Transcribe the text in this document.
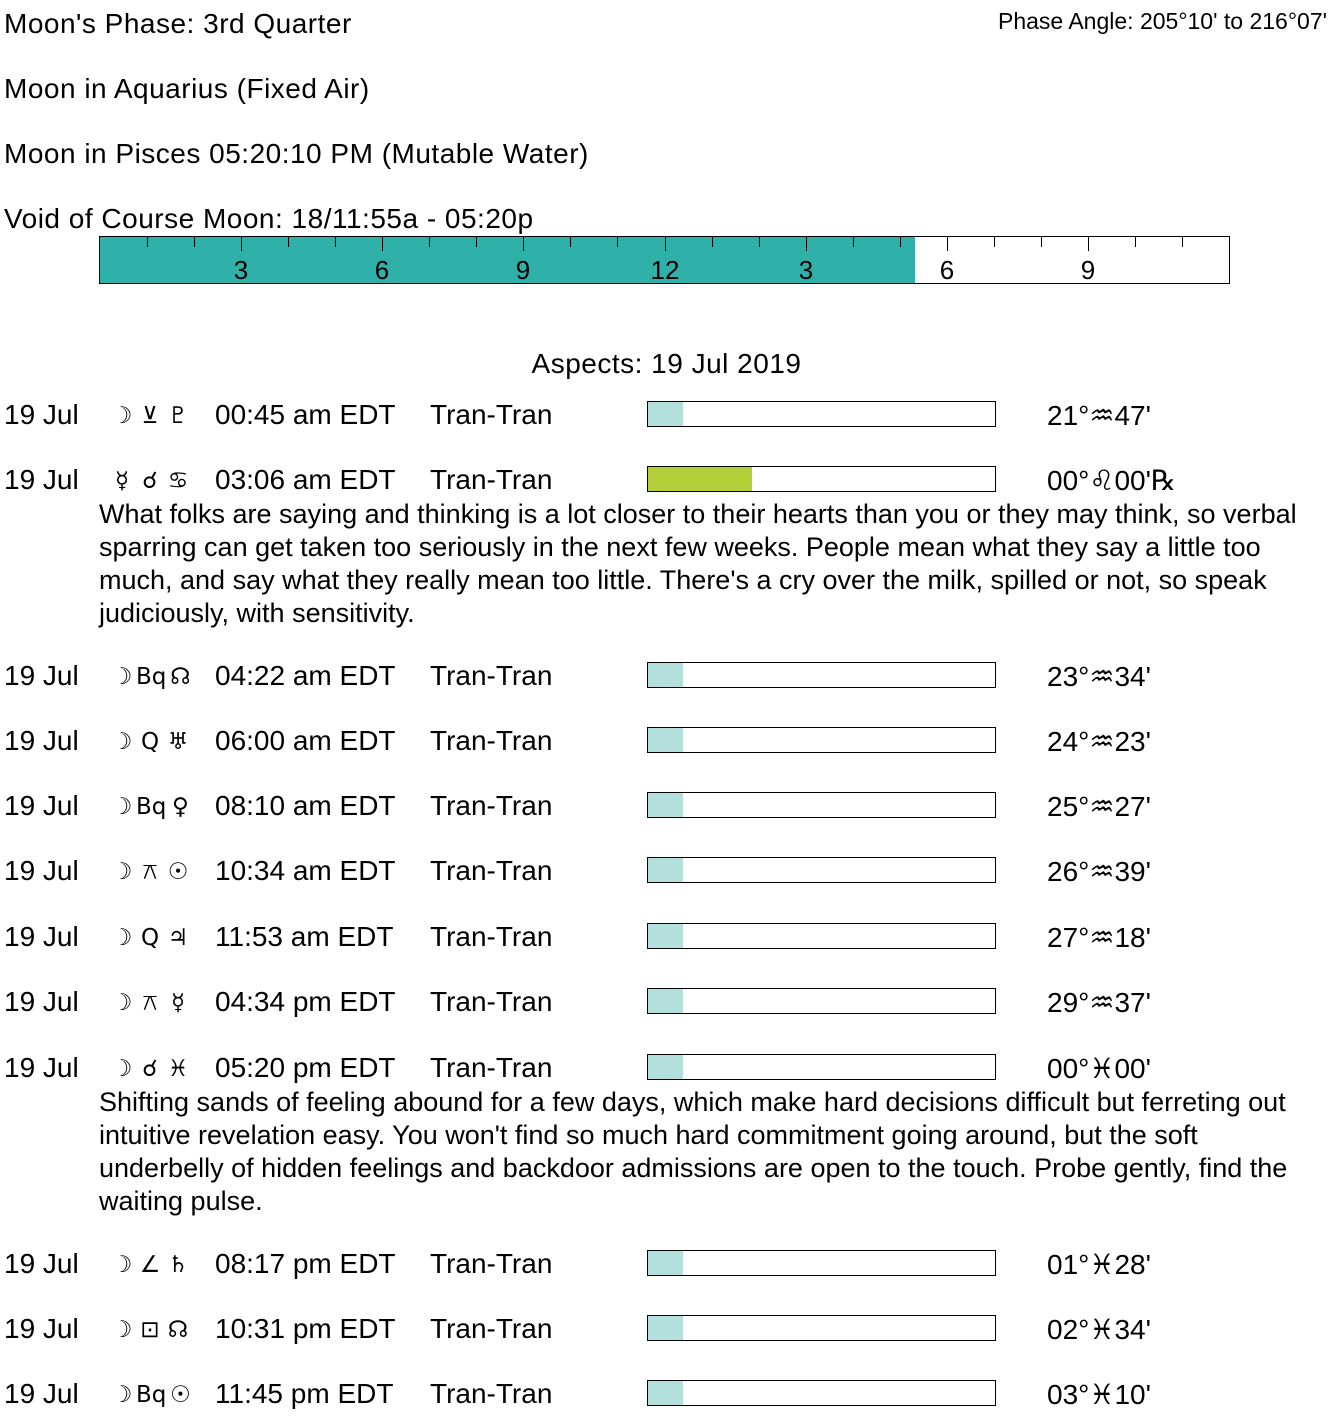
Moon's Phase: 3rd Quarter	Phase Angle: 205°10' to 216°07'
Moon in Aquarius (Fixed Air)
Moon in Pisces 05:20:10 PM (Mutable Water)
Void of Course Moon: 18/11:55a - 05:20p
3	6	9	12	3	6	9
Aspects: 19 Jul 2019
19 Jul ☽ ⊻ ♇ 00:45 am EDT Tran-Tran	21°♒47'
19 Jul	☿ ☌ ♋ 03:06 am EDT Tran-Tran	00°♌00'℞
What folks are saying and thinking is a lot closer to their hearts than you or they may think, so verbal sparring can get taken too seriously in the next few weeks. People mean what they say a little too much, and say what they really mean too little. There's a cry over the milk, spilled or not, so speak judiciously, with sensitivity.
19 Jul ☽ Bq ☊ 04:22 am EDT Tran-Tran	23°♒34'
19 Jul ☽ Q ♅ 06:00 am EDT Tran-Tran	24°♒23'
19 Jul ☽ Bq ♀ 08:10 am EDT Tran-Tran	25°♒27'
19 Jul ☽ ⚻ ☉ 10:34 am EDT Tran-Tran	26°♒39'
19 Jul ☽ Q ♃ 11:53 am EDT Tran-Tran	27°♒18'
19 Jul ☽ ⚻ ☿ 04:34 pm EDT Tran-Tran	29°♒37'
19 Jul ☽ ☌ ♓ 05:20 pm EDT Tran-Tran	00°♓00'
Shifting sands of feeling abound for a few days, which make hard decisions difficult but ferreting out intuitive revelation easy. You won't find so much hard commitment going around, but the soft underbelly of hidden feelings and backdoor admissions are open to the touch. Probe gently, find the waiting pulse.
19 Jul ☽ ∠ ♄ 08:17 pm EDT Tran-Tran	01°♓28'
19 Jul ☽ ⊡ ☊ 10:31 pm EDT Tran-Tran	02°♓34'
19 Jul ☽ Bq ☉ 11:45 pm EDT Tran-Tran	03°♓10'
